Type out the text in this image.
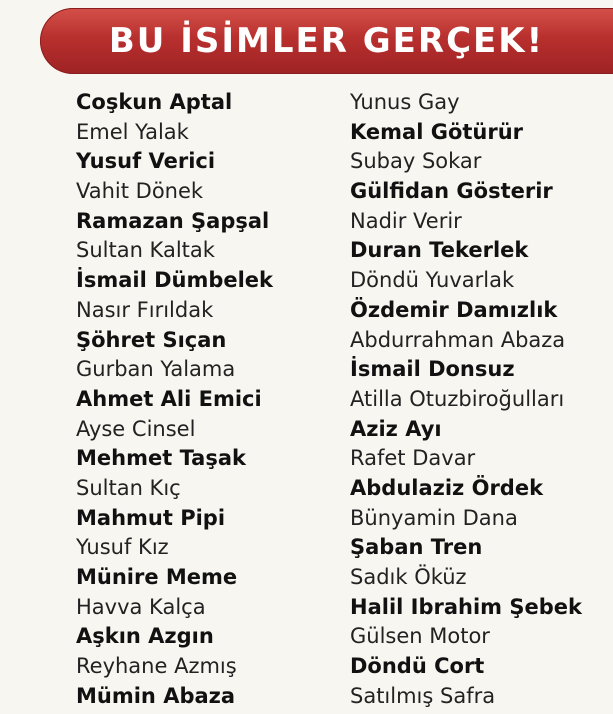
BU İSİMLER GERÇEK!
Coşkun Aptal
Emel Yalak
Yusuf Verici
Vahit Dönek
Ramazan Şapşal
Sultan Kaltak
İsmail Dümbelek
Nasır Fırıldak
Şöhret Sıçan
Gurban Yalama
Ahmet Ali Emici
Ayse Cinsel
Mehmet Taşak
Sultan Kıç
Mahmut Pipi
Yusuf Kız
Münire Meme
Havva Kalça
Aşkın Azgın
Reyhane Azmış
Mümin Abaza
Yunus Gay
Kemal Götürür
Subay Sokar
Gülfidan Gösterir
Nadir Verir
Duran Tekerlek
Döndü Yuvarlak
Özdemir Damızlık
Abdurrahman Abaza
İsmail Donsuz
Atilla Otuzbiroğulları
Aziz Ayı
Rafet Davar
Abdulaziz Ördek
Bünyamin Dana
Şaban Tren
Sadık Öküz
Halil Ibrahim Şebek
Gülsen Motor
Döndü Cort
Satılmış Safra
